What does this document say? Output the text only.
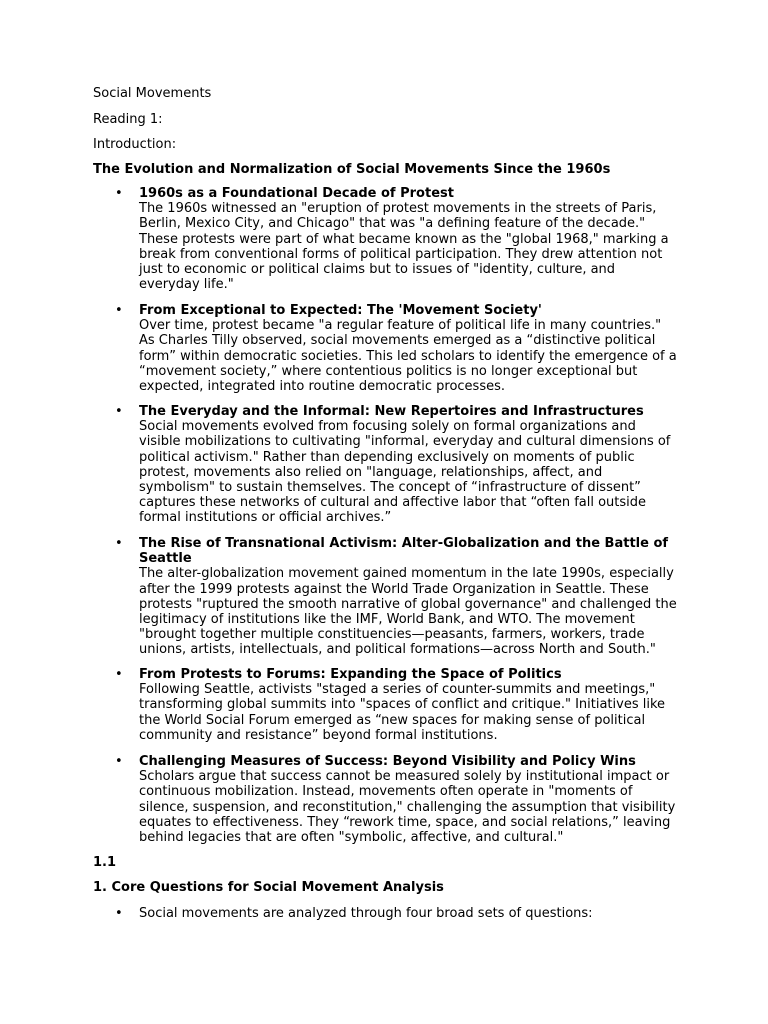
Social Movements

Reading 1:

Introduction:

The Evolution and Normalization of Social Movements Since the 1960s

• 1960s as a Foundational Decade of Protest
The 1960s witnessed an "eruption of protest movements in the streets of Paris,
Berlin, Mexico City, and Chicago" that was "a defining feature of the decade."
These protests were part of what became known as the "global 1968," marking a
break from conventional forms of political participation. They drew attention not
just to economic or political claims but to issues of "identity, culture, and
everyday life."
• From Exceptional to Expected: The 'Movement Society'
Over time, protest became "a regular feature of political life in many countries."
As Charles Tilly observed, social movements emerged as a “distinctive political
form” within democratic societies. This led scholars to identify the emergence of a
“movement society,” where contentious politics is no longer exceptional but
expected, integrated into routine democratic processes.
• The Everyday and the Informal: New Repertoires and Infrastructures
Social movements evolved from focusing solely on formal organizations and
visible mobilizations to cultivating "informal, everyday and cultural dimensions of
political activism." Rather than depending exclusively on moments of public
protest, movements also relied on "language, relationships, affect, and
symbolism" to sustain themselves. The concept of “infrastructure of dissent”
captures these networks of cultural and affective labor that “often fall outside
formal institutions or official archives.”
• The Rise of Transnational Activism: Alter-Globalization and the Battle of
Seattle
The alter-globalization movement gained momentum in the late 1990s, especially
after the 1999 protests against the World Trade Organization in Seattle. These
protests "ruptured the smooth narrative of global governance" and challenged the
legitimacy of institutions like the IMF, World Bank, and WTO. The movement
"brought together multiple constituencies—peasants, farmers, workers, trade
unions, artists, intellectuals, and political formations—across North and South."
• From Protests to Forums: Expanding the Space of Politics
Following Seattle, activists "staged a series of counter-summits and meetings,"
transforming global summits into "spaces of conflict and critique." Initiatives like
the World Social Forum emerged as “new spaces for making sense of political
community and resistance” beyond formal institutions.
• Challenging Measures of Success: Beyond Visibility and Policy Wins
Scholars argue that success cannot be measured solely by institutional impact or
continuous mobilization. Instead, movements often operate in "moments of
silence, suspension, and reconstitution," challenging the assumption that visibility
equates to effectiveness. They “rework time, space, and social relations,” leaving
behind legacies that are often "symbolic, affective, and cultural."

1.1

1. Core Questions for Social Movement Analysis

• Social movements are analyzed through four broad sets of questions:
